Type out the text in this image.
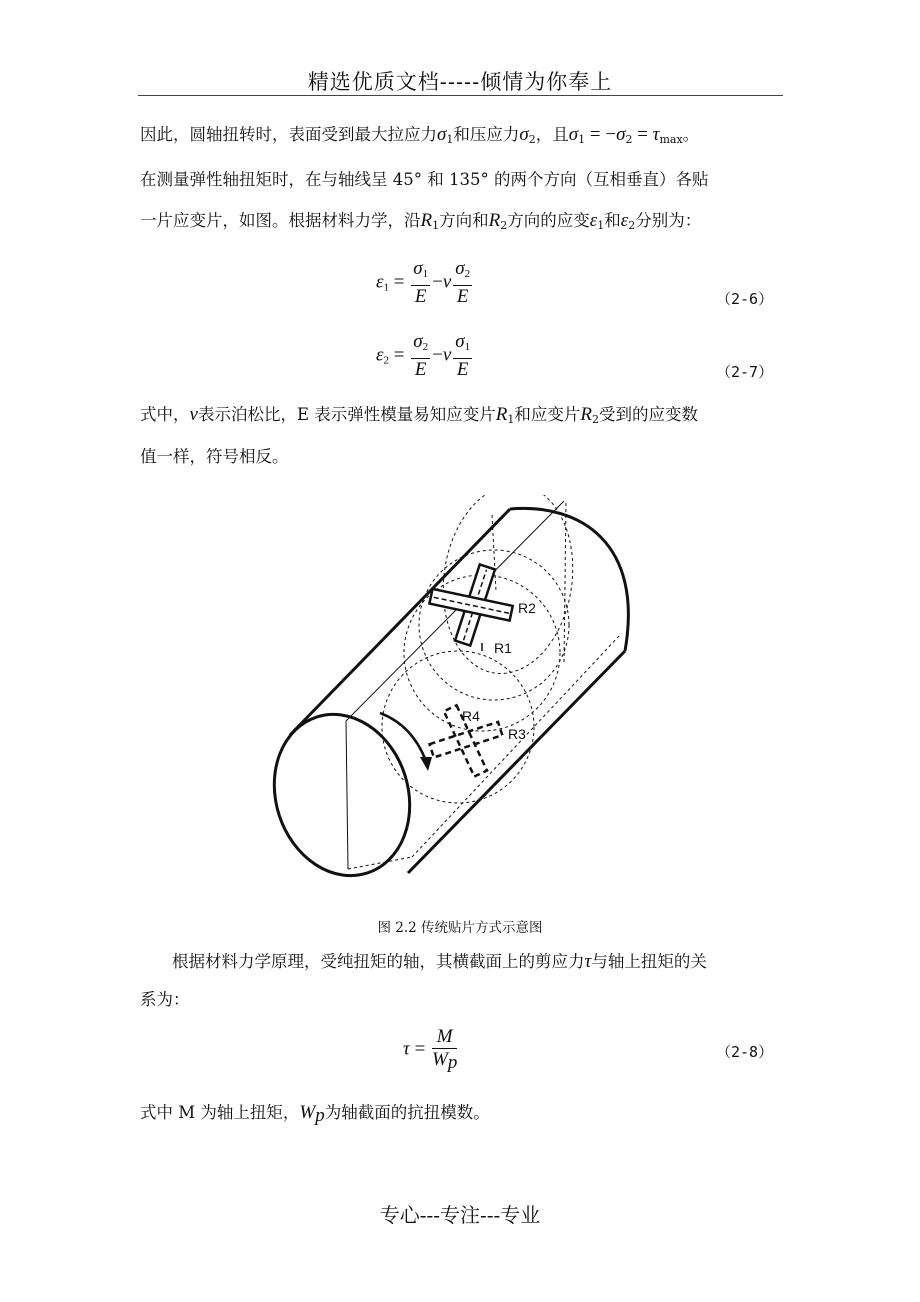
精选优质文档-----倾情为你奉上
因此，圆轴扭转时，表面受到最大拉应力$\sigma_1$和压应力$\sigma_2$，且$\sigma_1 = -\sigma_2 = \tau_{max}$。
在测量弹性轴扭矩时，在与轴线呈 45° 和 135° 的两个方向（互相垂直）各贴
一片应变片，如图。根据材料力学，沿$R_1$方向和$R_2$方向的应变$\varepsilon_1$和$\varepsilon_2$分别为：
$\varepsilon_1 = \frac{\sigma_1}{E} -\nu \frac{\sigma_2}{E}$	（2-6）
$\varepsilon_2 = \frac{\sigma_2}{E} -\nu \frac{\sigma_1}{E}$	（2-7）
式中，ν表示泊松比，E 表示弹性模量易知应变片$R_1$和应变片$R_2$受到的应变数
值一样，符号相反。
R2
R1
R4
R3
图 2.2 传统贴片方式示意图
根据材料力学原理，受纯扭矩的轴，其横截面上的剪应力τ与轴上扭矩的关
系为：
$\tau = \frac{M}{W_p}$	（2-8）
式中 M 为轴上扭矩，$W_p$为轴截面的抗扭模数。
专心---专注---专业
